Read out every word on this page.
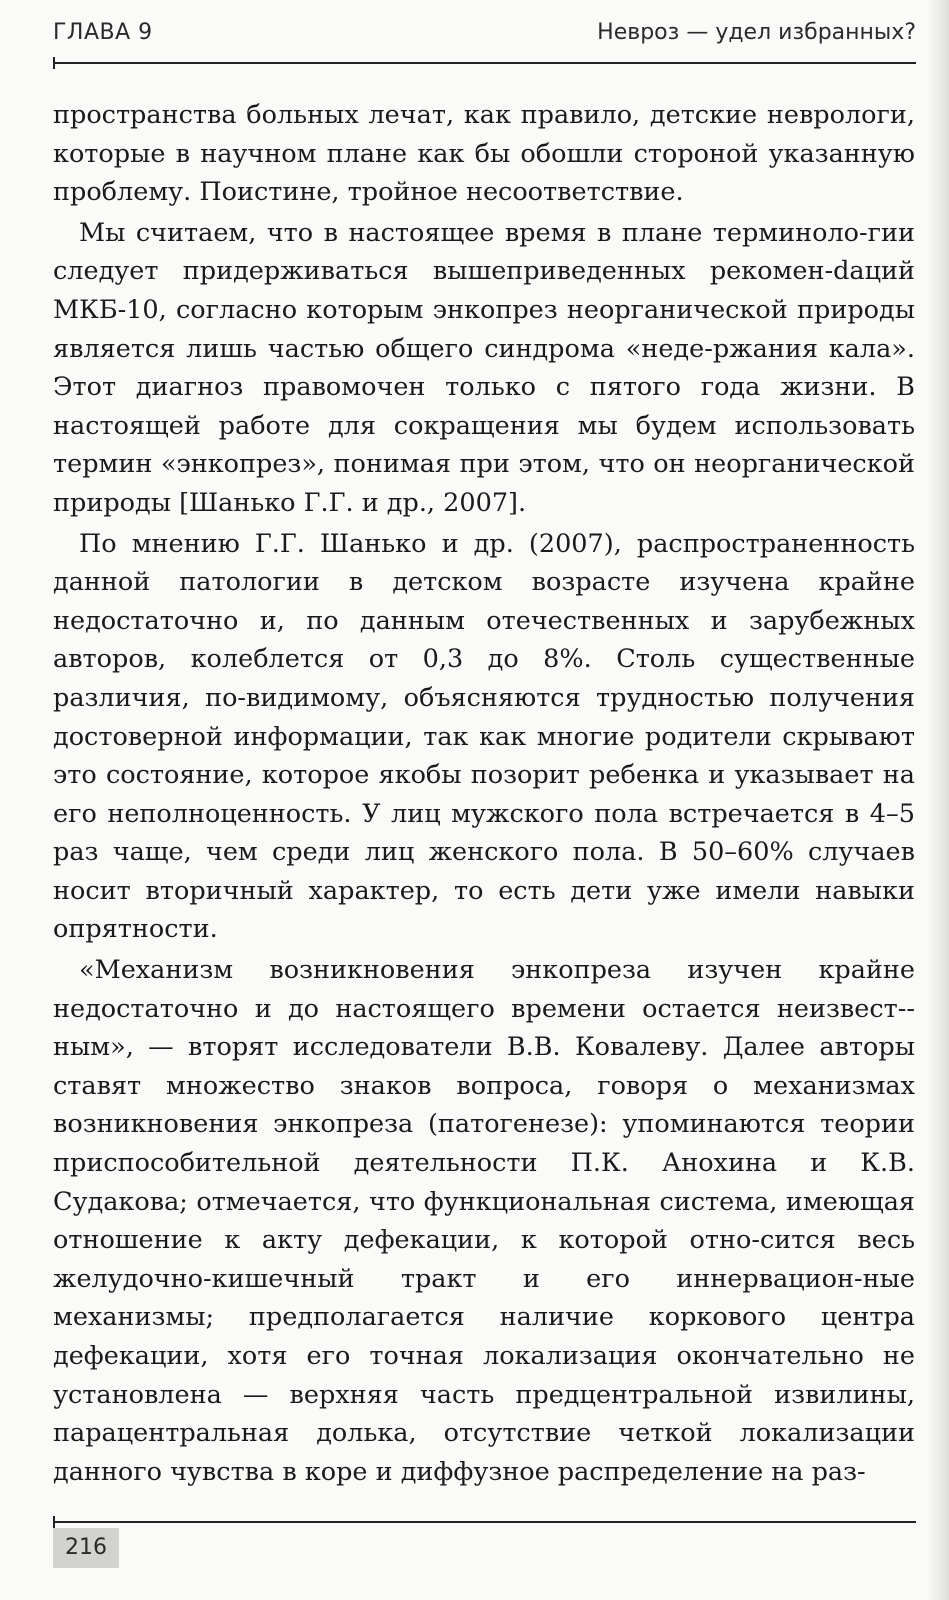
ГЛАВА 9	Невроз — удел избранных?

пространства больных лечат, как правило, детские неврологи, которые в научном плане как бы обошли стороной указанную проблему. Поистине, тройное несоответствие.

Мы считаем, что в настоящее время в плане терминоло-гии следует придерживаться вышеприведенных рекомен-dаций МКБ-10, согласно которым энкопрез неорганической природы является лишь частью общего синдрома «неде-ржания кала». Этот диагноз правомочен только с пятого года жизни. В настоящей работе для сокращения мы будем использовать термин «энкопрез», понимая при этом, что он неорганической природы [Шанько Г.Г. и др., 2007].

По мнению Г.Г. Шанько и др. (2007), распространенность данной патологии в детском возрасте изучена крайне недостаточно и, по данным отечественных и зарубежных авторов, колеблется от 0,3 до 8%. Столь существенные различия, по-видимому, объясняются трудностью получения достоверной информации, так как многие родители скрывают это состояние, которое якобы позорит ребенка и указывает на его неполноценность. У лиц мужского пола встречается в 4–5 раз чаще, чем среди лиц женского пола. В 50–60% случаев носит вторичный характер, то есть дети уже имели навыки опрятности.

«Механизм возникновения энкопреза изучен крайне недостаточно и до настоящего времени остается неизвест-ным», — вторят исследователи В.В. Ковалеву. Далее авторы ставят множество знаков вопроса, говоря о механизмах возникновения энкопреза (патогенезе): упоминаются теории приспособительной деятельности П.К. Анохина и К.В. Судакова; отмечается, что функциональная система, имеющая отношение к акту дефекации, к которой отно-сится весь желудочно-кишечный тракт и его иннервацион-ные механизмы; предполагается наличие коркового центра дефекации, хотя его точная локализация окончательно не установлена — верхняя часть предцентральной извилины, парацентральная долька, отсутствие четкой локализации данного чувства в коре и диффузное распределение на раз-

216
